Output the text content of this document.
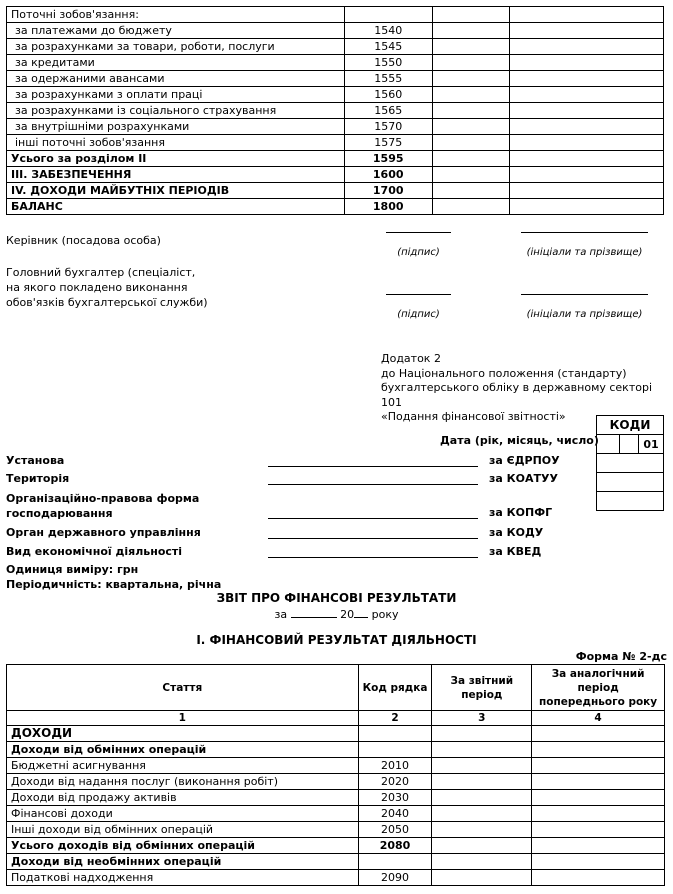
Поточні зобов'язання:			
за платежами до бюджету	1540		
за розрахунками за товари, роботи, послуги	1545		
за кредитами	1550		
за одержаними авансами	1555		
за розрахунками з оплати праці	1560		
за розрахунками із соціального страхування	1565		
за внутрішніми розрахунками	1570		
інші поточні зобов'язання	1575		
Усього за розділом ІІ	1595		
ІІІ. ЗАБЕЗПЕЧЕННЯ	1600		
IV. ДОХОДИ МАЙБУТНІХ ПЕРІОДІВ	1700		
БАЛАНС	1800		
Керівник (посадова особа)
(підпис)	(ініціали та прізвище)
Головний бухгалтер (спеціаліст,
на якого покладено виконання
обов'язків бухгалтерської служби)
(підпис)	(ініціали та прізвище)
Додаток 2
до Національного положення (стандарту)
бухгалтерського обліку в державному секторі 101
«Подання фінансової звітності»
КОДИ
		01

Дата (рік, місяць, число)
Установа	за ЄДРПОУ
Територія	за КОАТУУ
Організаційно-правова форма
господарювання	за КОПФГ
Орган державного управління	за КОДУ
Вид економічної діяльності	за КВЕД
Одиниця виміру: грн
Періодичність: квартальна, річна
ЗВІТ ПРО ФІНАНСОВІ РЕЗУЛЬТАТИ
за	20 року
І. ФІНАНСОВИЙ РЕЗУЛЬТАТ ДІЯЛЬНОСТІ
Форма № 2-дс
Стаття	Код рядка	За звітний період	За аналогічний період попереднього року
1	2	3	4
ДОХОДИ			
Доходи від обмінних операцій			
Бюджетні асигнування	2010		
Доходи від надання послуг (виконання робіт)	2020		
Доходи від продажу активів	2030		
Фінансові доходи	2040		
Інші доходи від обмінних операцій	2050		
Усього доходів від обмінних операцій	2080		
Доходи від необмінних операцій			
Податкові надходження	2090		
